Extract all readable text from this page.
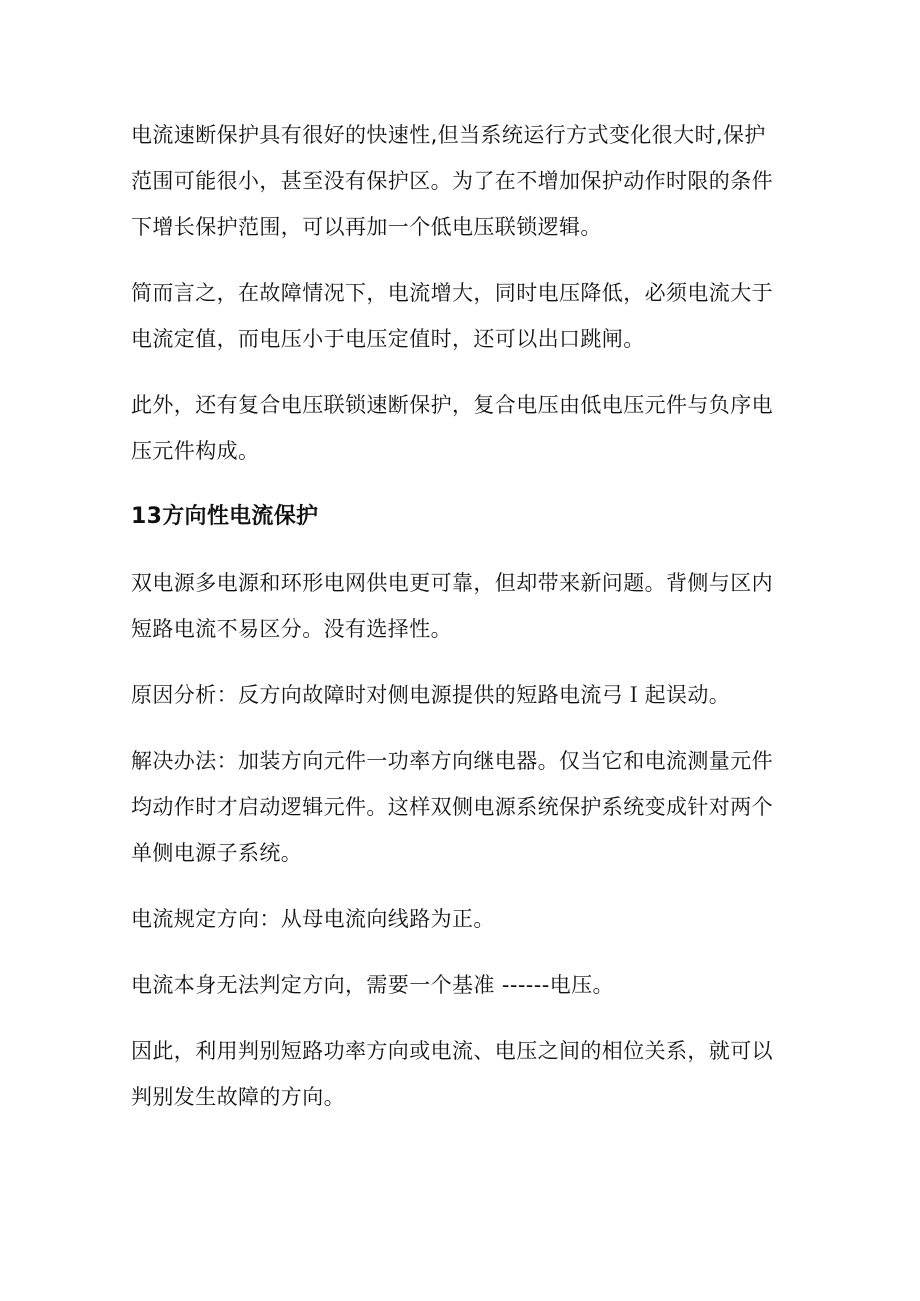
电流速断保护具有很好的快速性,但当系统运行方式变化很大时,保护
范围可能很小，甚至没有保护区。为了在不增加保护动作时限的条件
下增长保护范围，可以再加一个低电压联锁逻辑。

简而言之，在故障情况下，电流增大，同时电压降低，必须电流大于
电流定值，而电压小于电压定值时，还可以出口跳闸。

此外，还有复合电压联锁速断保护，复合电压由低电压元件与负序电
压元件构成。

13方向性电流保护

双电源多电源和环形电网供电更可靠，但却带来新问题。背侧与区内
短路电流不易区分。没有选择性。

原因分析：反方向故障时对侧电源提供的短路电流弓Ｉ起误动。

解决办法：加装方向元件一功率方向继电器。仅当它和电流测量元件
均动作时才启动逻辑元件。这样双侧电源系统保护系统变成针对两个
单侧电源子系统。

电流规定方向：从母电流向线路为正。

电流本身无法判定方向，需要一个基准 ------电压。

因此，利用判别短路功率方向或电流、电压之间的相位关系，就可以
判别发生故障的方向。
